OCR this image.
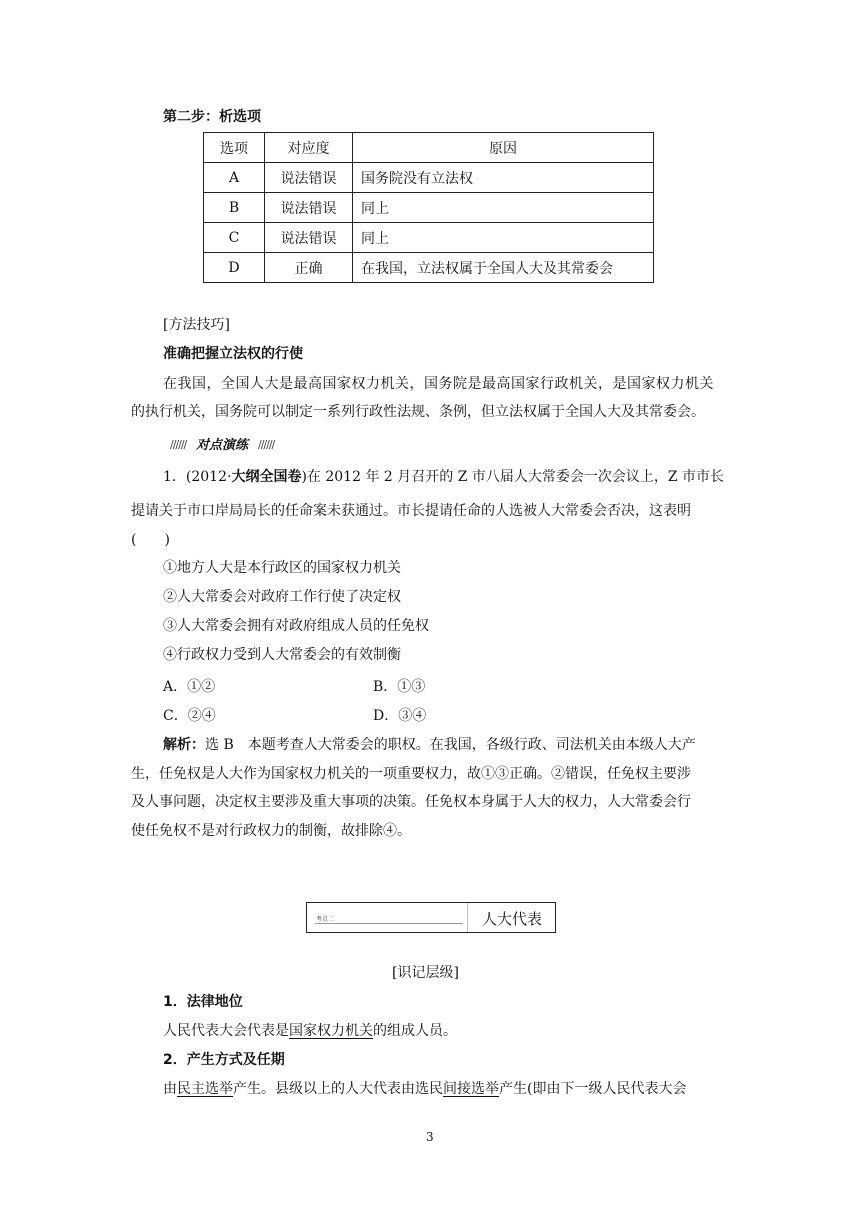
第二步：析选项
选项	对应度	原因
A	说法错误	国务院没有立法权
B	说法错误	同上
C	说法错误	同上
D	正确	在我国，立法权属于全国人大及其常委会
[方法技巧]
准确把握立法权的行使
在我国，全国人大是最高国家权力机关，国务院是最高国家行政机关，是国家权力机关
的执行机关，国务院可以制定一系列行政性法规、条例，但立法权属于全国人大及其常委会。
////// 对点演练 //////
1．(2012·大纲全国卷)在 2012 年 2 月召开的 Z 市八届人大常委会一次会议上，Z 市市长
提请关于市口岸局局长的任命案未获通过。市长提请任命的人选被人大常委会否决，这表明
(　　)
①地方人大是本行政区的国家权力机关
②人大常委会对政府工作行使了决定权
③人大常委会拥有对政府组成人员的任免权
④行政权力受到人大常委会的有效制衡
A．①②	B．①③
C．②④	D．③④
解析：选 B　本题考查人大常委会的职权。在我国，各级行政、司法机关由本级人大产
生，任免权是人大作为国家权力机关的一项重要权力，故①③正确。②错误，任免权主要涉
及人事问题，决定权主要涉及重大事项的决策。任免权本身属于人大的权力，人大常委会行
使任免权不是对行政权力的制衡，故排除④。
考点二	人大代表
[识记层级]
1．法律地位
人民代表大会代表是国家权力机关的组成人员。
2．产生方式及任期
由民主选举产生。县级以上的人大代表由选民间接选举产生(即由下一级人民代表大会
3
